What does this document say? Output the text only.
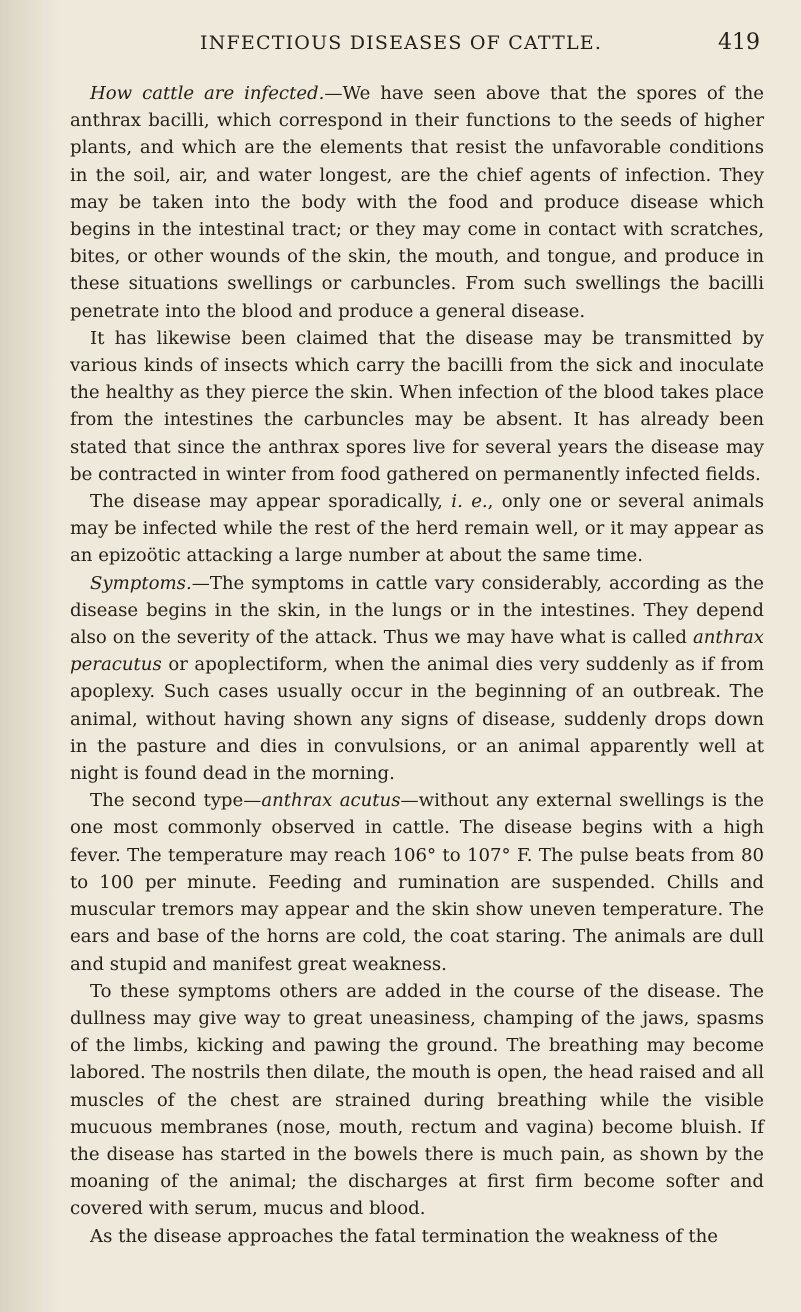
INFECTIOUS DISEASES OF CATTLE.	419

How cattle are infected.—We have seen above that the spores of the anthrax bacilli, which correspond in their functions to the seeds of higher plants, and which are the elements that resist the unfavorable conditions in the soil, air, and water longest, are the chief agents of infection. They may be taken into the body with the food and produce disease which begins in the intestinal tract; or they may come in contact with scratches, bites, or other wounds of the skin, the mouth, and tongue, and produce in these situations swellings or carbuncles. From such swellings the bacilli penetrate into the blood and produce a general disease.

It has likewise been claimed that the disease may be transmitted by various kinds of insects which carry the bacilli from the sick and inoculate the healthy as they pierce the skin. When infection of the blood takes place from the intestines the carbuncles may be absent. It has already been stated that since the anthrax spores live for several years the disease may be contracted in winter from food gathered on permanently infected fields.

The disease may appear sporadically, i. e., only one or several animals may be infected while the rest of the herd remain well, or it may appear as an epizoötic attacking a large number at about the same time.

Symptoms.—The symptoms in cattle vary considerably, according as the disease begins in the skin, in the lungs or in the intestines. They depend also on the severity of the attack. Thus we may have what is called anthrax peracutus or apoplectiform, when the animal dies very suddenly as if from apoplexy. Such cases usually occur in the beginning of an outbreak. The animal, without having shown any signs of disease, suddenly drops down in the pasture and dies in convulsions, or an animal apparently well at night is found dead in the morning.

The second type—anthrax acutus—without any external swellings is the one most commonly observed in cattle. The disease begins with a high fever. The temperature may reach 106° to 107° F. The pulse beats from 80 to 100 per minute. Feeding and rumination are suspended. Chills and muscular tremors may appear and the skin show uneven temperature. The ears and base of the horns are cold, the coat staring. The animals are dull and stupid and manifest great weakness.

To these symptoms others are added in the course of the disease. The dullness may give way to great uneasiness, champing of the jaws, spasms of the limbs, kicking and pawing the ground. The breathing may become labored. The nostrils then dilate, the mouth is open, the head raised and all muscles of the chest are strained during breathing while the visible mucuous membranes (nose, mouth, rectum and vagina) become bluish. If the disease has started in the bowels there is much pain, as shown by the moaning of the animal; the discharges at first firm become softer and covered with serum, mucus and blood.

As the disease approaches the fatal termination the weakness of the
